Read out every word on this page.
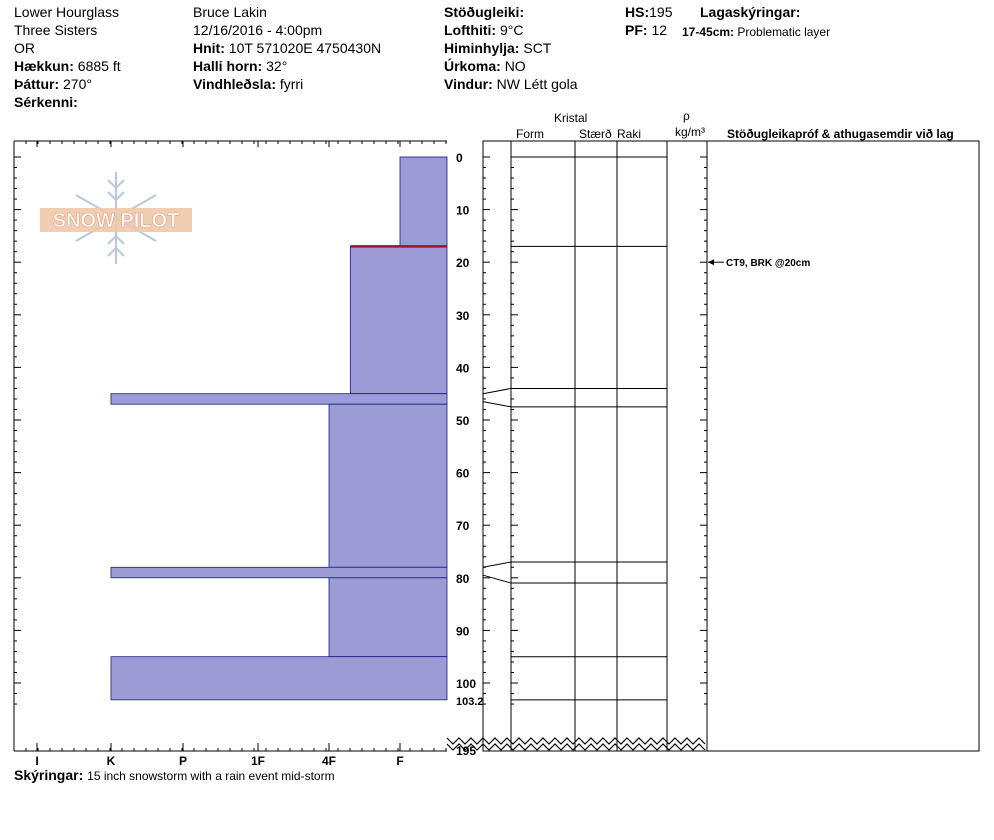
Lower Hourglass
Three Sisters
OR
Hækkun: 6885 ft
Þáttur: 270°
Sérkenni:
Bruce Lakin
12/16/2016 - 4:00pm
Hnit: 10T 571020E 4750430N
Halli horn: 32°
Vindhleðsla: fyrri
Stöðugleiki:
Lofthiti: 9°C
Himinhylja: SCT
Úrkoma: NO
Vindur: NW Létt gola
HS:195
PF: 12
Lagaskýringar:
17-45cm: Problematic layer
Kristal
Form	Stærð Raki
ρ
kg/m³ Stöðugleikapróf & athugasemdir við lag
SNOW PILOT
I	K	P	1F	4F	F
0
10
20
30
40
50
60
70
80
90
100
103.2
195
CT9, BRK @20cm
Skýringar: 15 inch snowstorm with a rain event mid-storm
